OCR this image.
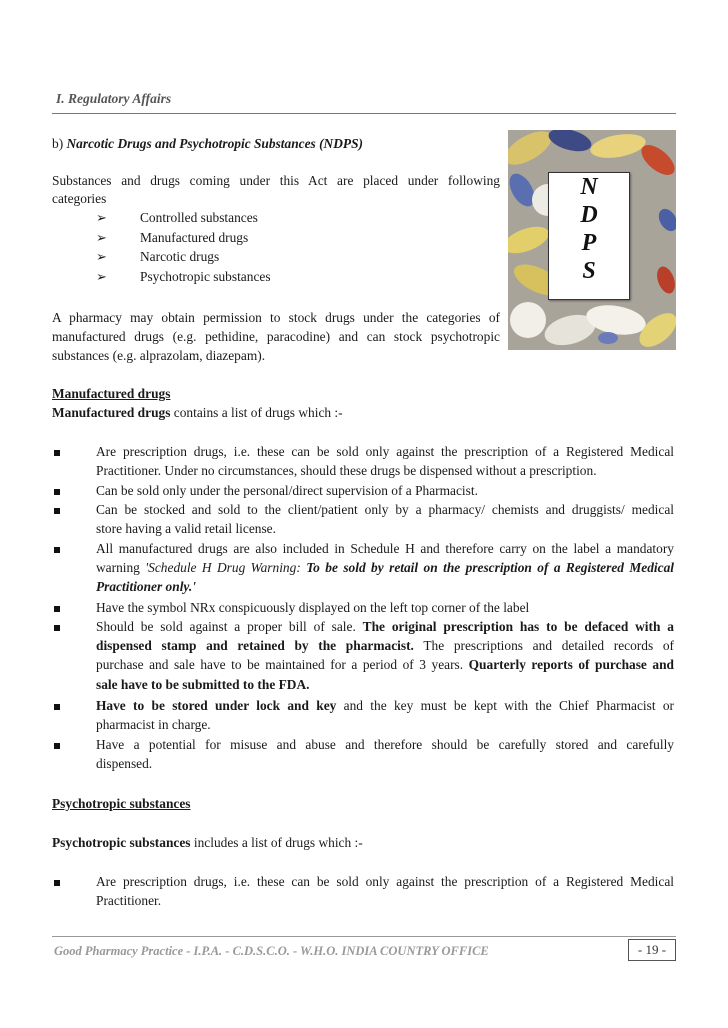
I. Regulatory Affairs
b) Narcotic Drugs and Psychotropic Substances (NDPS)
Substances and drugs coming under this Act are placed under following
categories
➢ Controlled substances
➢ Manufactured drugs
➢ Narcotic drugs
➢ Psychotropic substances
A pharmacy may obtain permission to stock drugs under the categories of
manufactured drugs (e.g. pethidine, paracodine) and can stock psychotropic
substances (e.g. alprazolam, diazepam).
N
D
P
S
Manufactured drugs
Manufactured drugs contains a list of drugs which :-
Are prescription drugs, i.e. these can be sold only against the prescription of a Registered Medical
Practitioner. Under no circumstances, should these drugs be dispensed without a prescription.
Can be sold only under the personal/direct supervision of a Pharmacist.
Can be stocked and sold to the client/patient only by a pharmacy/ chemists and druggists/ medical
store having a valid retail license.
All manufactured drugs are also included in Schedule H and therefore carry on the label a mandatory
warning 'Schedule H Drug Warning: To be sold by retail on the prescription of a Registered Medical
Practitioner only.'
Have the symbol NRx conspicuously displayed on the left top corner of the label
Should be sold against a proper bill of sale. The original prescription has to be defaced with a
dispensed stamp and retained by the pharmacist. The prescriptions and detailed records of
purchase and sale have to be maintained for a period of 3 years. Quarterly reports of purchase and
sale have to be submitted to the FDA.
Have to be stored under lock and key and the key must be kept with the Chief Pharmacist or
pharmacist in charge.
Have a potential for misuse and abuse and therefore should be carefully stored and carefully
dispensed.
Psychotropic substances
Psychotropic substances includes a list of drugs which :-
Are prescription drugs, i.e. these can be sold only against the prescription of a Registered Medical
Practitioner.
Good Pharmacy Practice - I.P.A. - C.D.S.C.O. - W.H.O. INDIA COUNTRY OFFICE	- 19 -
